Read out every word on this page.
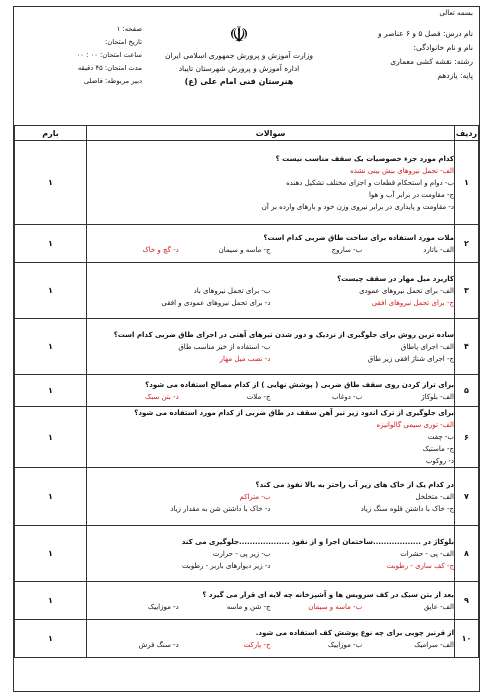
بسمه تعالی
نام درس: فصل ۵ و ۶ عناصر و
نام و نام خانوادگی:
رشته: نقشه کشی معماری
پایه: یازدهم
☫
وزارت آموزش و پرورش جمهوری اسلامی ایران
اداره آموزش و پرورش شهرستان تایباد
هنرستان فنی امام علی (ع)
صفحه: ۱
تاریخ امتحان:
ساعت امتحان: ۰۰ : ۰۰
مدت امتحان: ۴۵ دقیقه
دبیر مربوطه: فاضلی
ردیف	سوالات	بارم
۱	کدام مورد جزء خصوصیات یک سقف مناسب نیست ؟
الف- تحمل نیروهای بیش بینی نشده
ب- دوام و استحکام قطعات و اجزای مختلف تشکیل دهنده
ج- مقاومت در برابر آب و هوا
د- مقاومت و پایداری در برابر نیروی وزن خود و بارهای وارده بر آن	۱
۲	ملات مورد استفاده برای ساخت طاق ضربی کدام است؟
الف- باتارد
ب- ساروج
ج- ماسه و سیمان
د- گچ و خاک	۱
۳	کاربرد میل مهار در سقف چیست؟
الف- برای تحمل نیروهای عمودی
ب- برای تحمل نیروهای باد
ج- برای تحمل نیروهای افقی
د- برای تحمل نیروهای عمودی و افقی	۱
۴	ساده ترین روش برای جلوگیری از نزدیک و دور شدن تیرهای آهنی در اجرای طاق ضربی کدام است؟
الف- اجرای پاطاق
ب- استفاده از خیز مناسب طاق
ج- اجرای شناژ افقی زیر طاق
د- نصب میل مهار	۱
۵	برای تراز کردن روی سقف طاق ضربی ( پوشش نهایی ) از کدام مصالح استفاده می شود؟
الف- بلوکاژ
ب- دوغاب
ج- ملات
د- بتن سبک	۱
۶	برای جلوگیری از ترک اندود زیر تیر آهن سقف در طاق ضربی از کدام مورد استفاده می شود؟
الف- توری سیمی گالوانیزه
ب- چفت
ج- ماستیک
د- روکوب	۱
۷	در کدام یک از خاک های زیر آب راحتر به بالا نفوذ می کند؟
الف- متخلخل
ب- متراکم
ج- خاک با داشتن قلوه سنگ زیاد
د- خاک با داشتن شن به مقدار زیاد	۱
۸	بلوکاژ در ..................ساختمان اجرا و از نفوذ ...................جلوگیری می کند
الف- پی - حشرات
ب- زیر پی - حرارت
ج- کف سازی - رطوبت
د- زیر دیوارهای باربر - رطوبت	۱
۹	بعد از بتن سبک در کف سرویس ها و آشپزخانه چه لایه ای قرار می گیرد ؟
الف- عایق
ب- ماسه و سیمان
ج- شن و ماسه
د- موزاییک	۱
۱۰	از قرنیز چوبی برای چه نوع پوشش کف استفاده می شود.
الف- سرامیک
ب- موزاییک
ج- پارکت
د- سنگ فرش	۱
